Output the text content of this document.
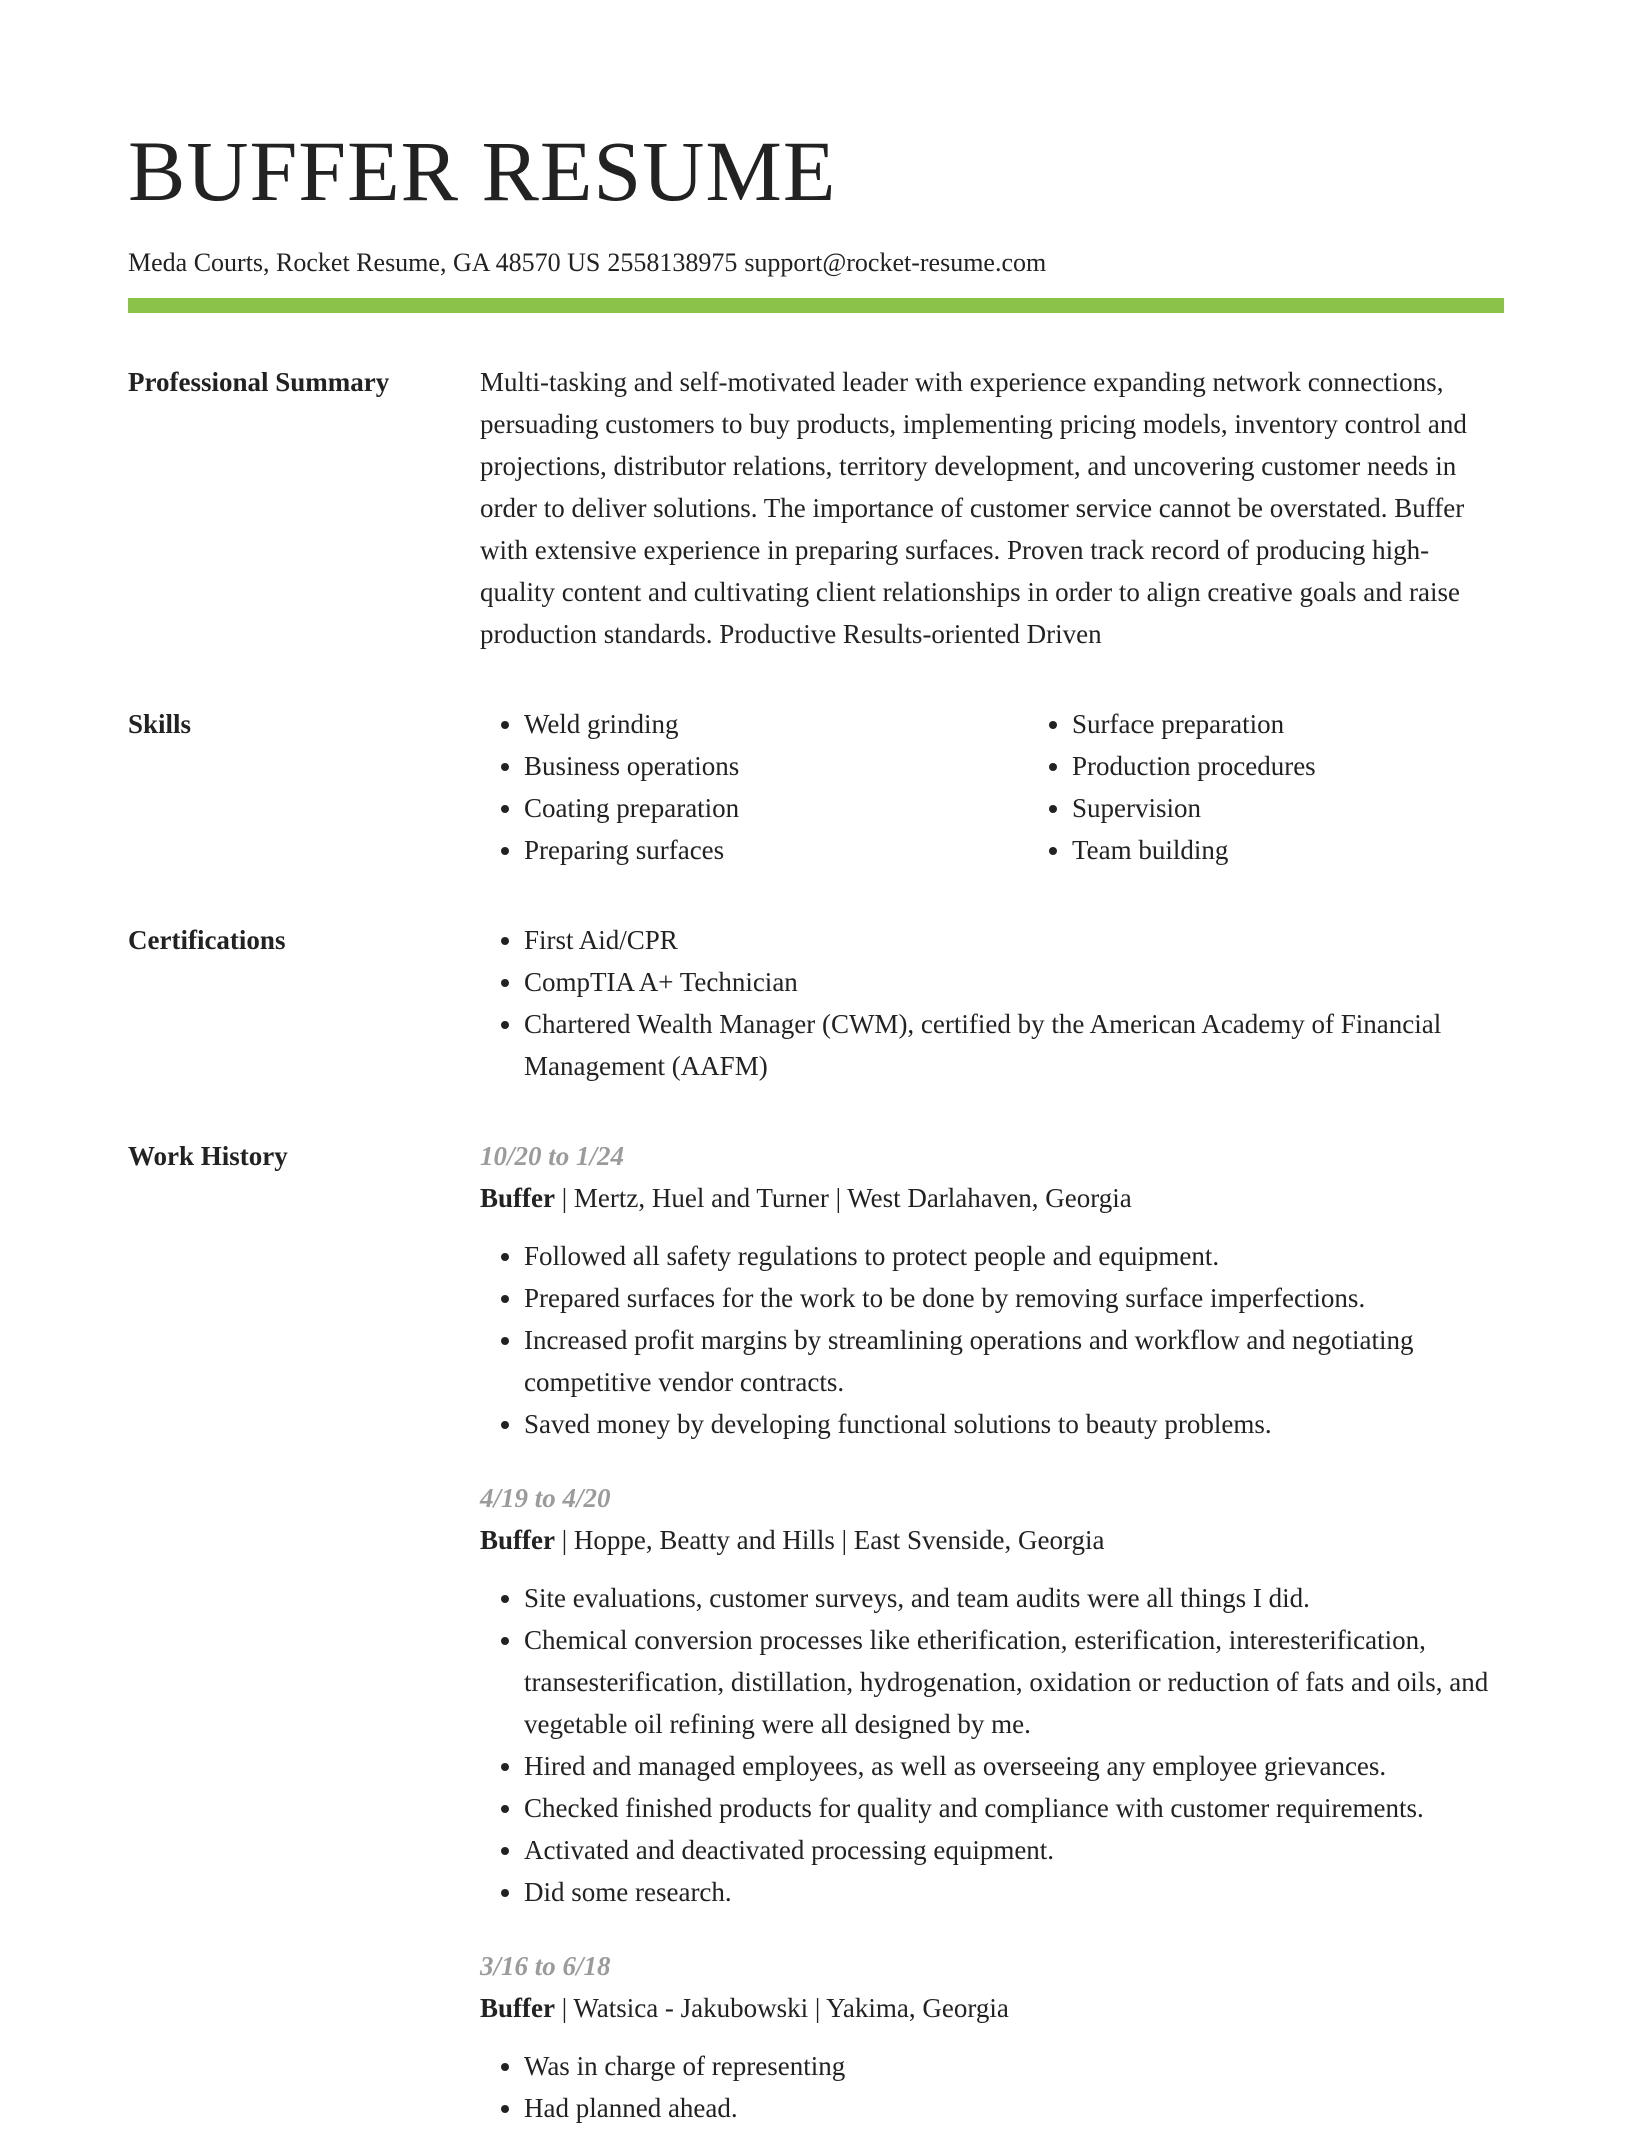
BUFFER RESUME
Meda Courts, Rocket Resume, GA 48570 US 2558138975 support@rocket-resume.com
Professional Summary	Multi-tasking and self-motivated leader with experience expanding network connections, persuading customers to buy products, implementing pricing models, inventory control and projections, distributor relations, territory development, and uncovering customer needs in order to deliver solutions. The importance of customer service cannot be overstated. Buffer with extensive experience in preparing surfaces. Proven track record of producing high-quality content and cultivating client relationships in order to align creative goals and raise production standards. Productive Results-oriented Driven
Skills	• Weld grinding
• Business operations
• Coating preparation
• Preparing surfaces
• Surface preparation
• Production procedures
• Supervision
• Team building
Certifications	• First Aid/CPR
• CompTIA A+ Technician
• Chartered Wealth Manager (CWM), certified by the American Academy of Financial Management (AAFM)
Work History	10/20 to 1/24
Buffer | Mertz, Huel and Turner | West Darlahaven, Georgia
• Followed all safety regulations to protect people and equipment.
• Prepared surfaces for the work to be done by removing surface imperfections.
• Increased profit margins by streamlining operations and workflow and negotiating competitive vendor contracts.
• Saved money by developing functional solutions to beauty problems.
4/19 to 4/20
Buffer | Hoppe, Beatty and Hills | East Svenside, Georgia
• Site evaluations, customer surveys, and team audits were all things I did.
• Chemical conversion processes like etherification, esterification, interesterification, transesterification, distillation, hydrogenation, oxidation or reduction of fats and oils, and vegetable oil refining were all designed by me.
• Hired and managed employees, as well as overseeing any employee grievances.
• Checked finished products for quality and compliance with customer requirements.
• Activated and deactivated processing equipment.
• Did some research.
3/16 to 6/18
Buffer | Watsica - Jakubowski | Yakima, Georgia
• Was in charge of representing
• Had planned ahead.
